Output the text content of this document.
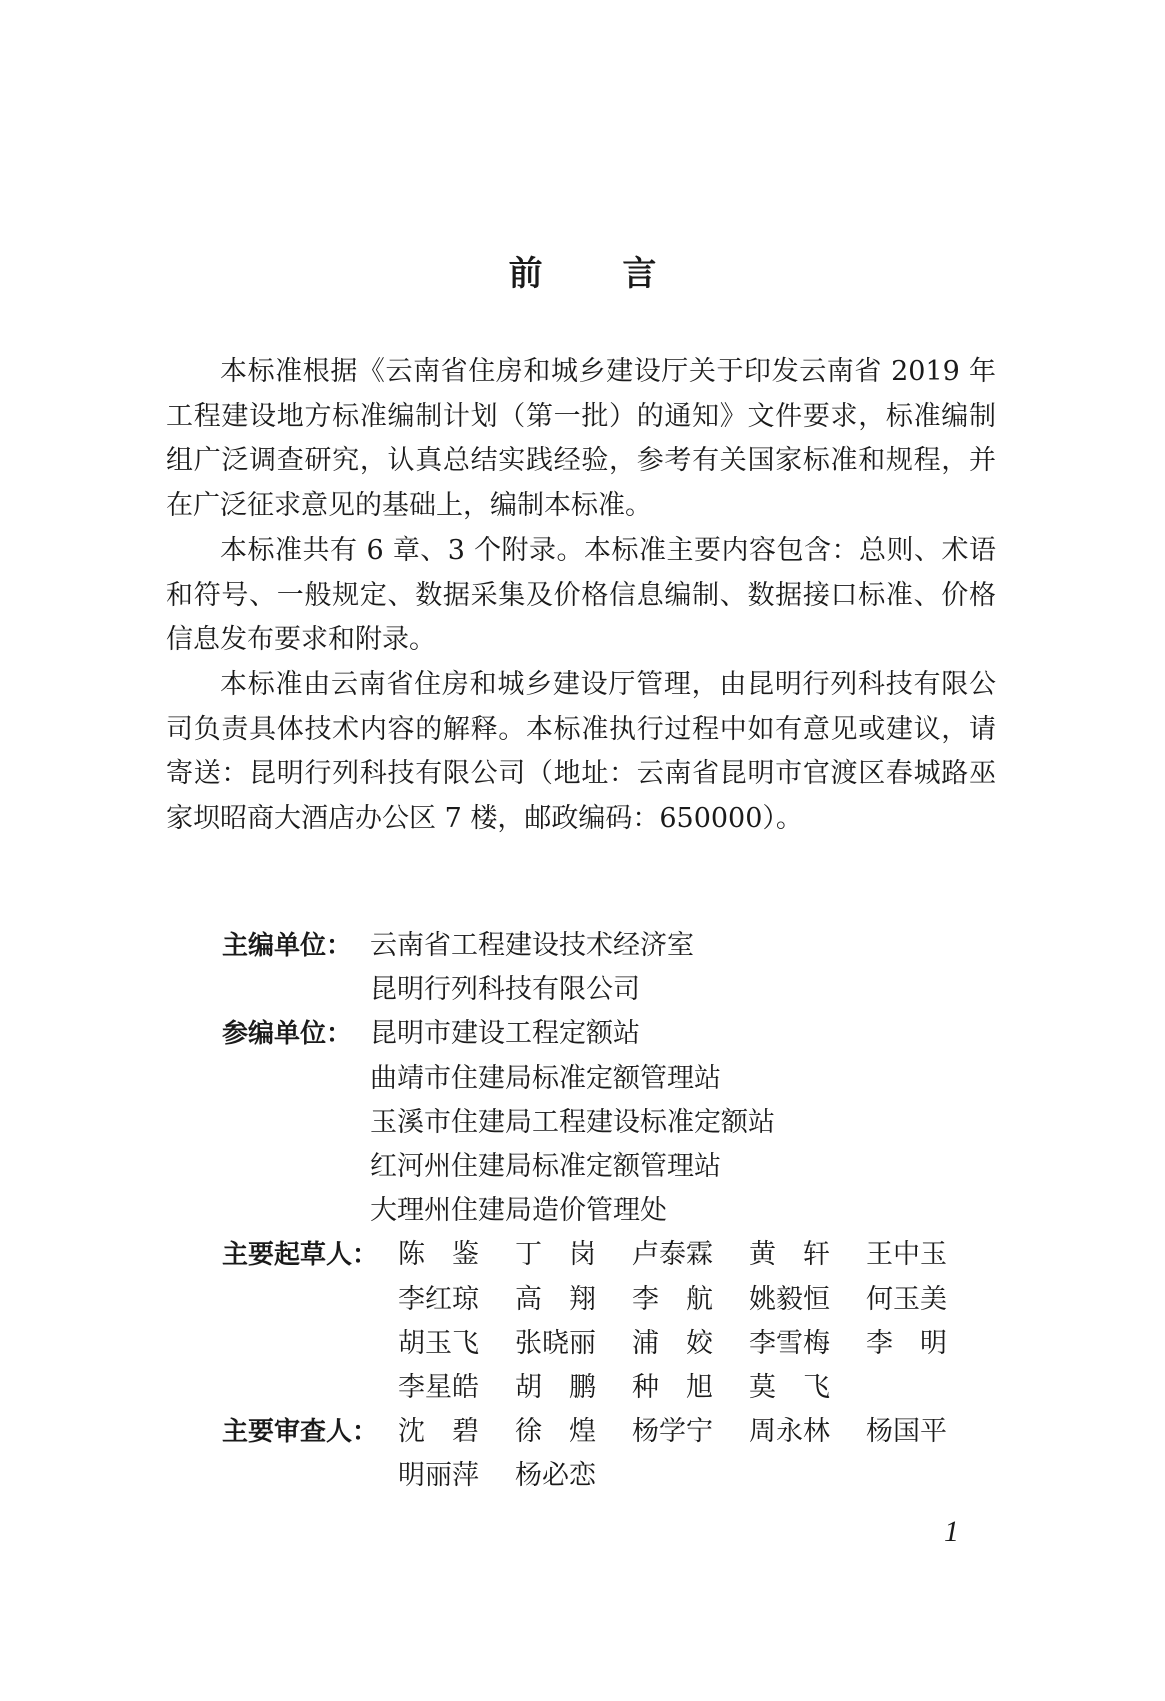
前 言

本标准根据《云南省住房和城乡建设厅关于印发云南省 2019 年工程建设地方标准编制计划（第一批）的通知》文件要求，标准编制组广泛调查研究，认真总结实践经验，参考有关国家标准和规程，并在广泛征求意见的基础上，编制本标准。

本标准共有 6 章、3 个附录。本标准主要内容包含：总则、术语和符号、一般规定、数据采集及价格信息编制、数据接口标准、价格信息发布要求和附录。

本标准由云南省住房和城乡建设厅管理，由昆明行列科技有限公司负责具体技术内容的解释。本标准执行过程中如有意见或建议，请寄送：昆明行列科技有限公司（地址：云南省昆明市官渡区春城路巫家坝昭商大酒店办公区 7 楼，邮政编码：650000）。

主编单位： 云南省工程建设技术经济室
昆明行列科技有限公司
参编单位： 昆明市建设工程定额站
曲靖市住建局标准定额管理站
玉溪市住建局工程建设标准定额站
红河州住建局标准定额管理站
大理州住建局造价管理处
主要起草人： 陈　鉴	丁　岗	卢泰霖	黄　轩	王中玉
李红琼	高　翔	李　航	姚毅恒	何玉美
胡玉飞	张晓丽	浦　姣	李雪梅	李　明
李星皓	胡　鹏	种　旭	莫　飞
主要审查人： 沈　碧	徐　煌	杨学宁	周永林	杨国平
明丽萍	杨必恋
1
